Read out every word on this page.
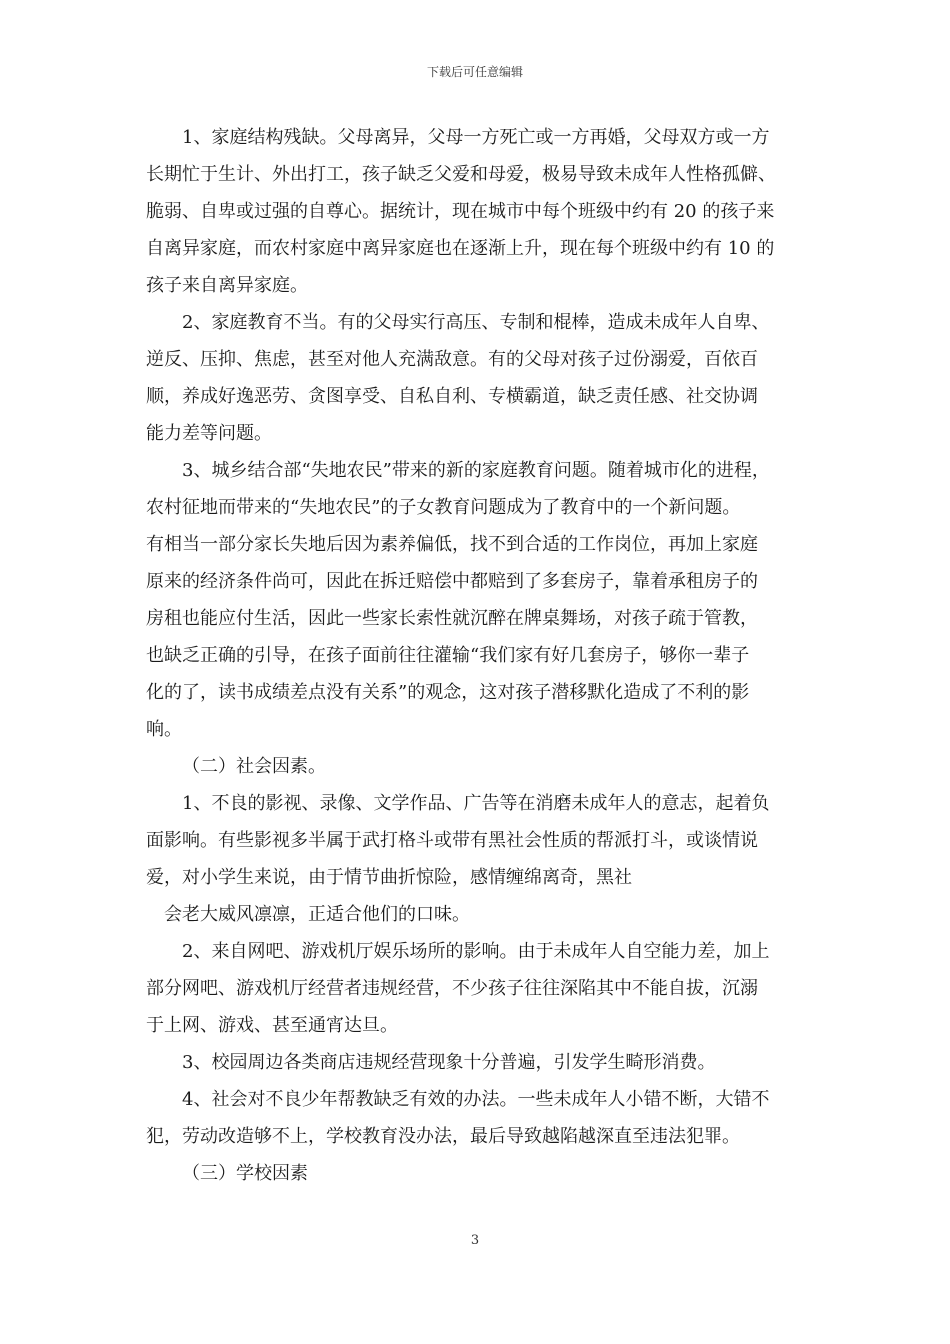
下载后可任意编辑
1、家庭结构残缺。父母离异，父母一方死亡或一方再婚，父母双方或一方
长期忙于生计、外出打工，孩子缺乏父爱和母爱，极易导致未成年人性格孤僻、
脆弱、自卑或过强的自尊心。据统计，现在城市中每个班级中约有 20 的孩子来
自离异家庭，而农村家庭中离异家庭也在逐渐上升，现在每个班级中约有 10 的
孩子来自离异家庭。
2、家庭教育不当。有的父母实行高压、专制和棍棒，造成未成年人自卑、
逆反、压抑、焦虑，甚至对他人充满敌意。有的父母对孩子过份溺爱，百依百
顺，养成好逸恶劳、贪图享受、自私自利、专横霸道，缺乏责任感、社交协调
能力差等问题。
3、城乡结合部“失地农民”带来的新的家庭教育问题。随着城市化的进程，
农村征地而带来的“失地农民”的子女教育问题成为了教育中的一个新问题。
有相当一部分家长失地后因为素养偏低，找不到合适的工作岗位，再加上家庭
原来的经济条件尚可，因此在拆迁赔偿中都赔到了多套房子，靠着承租房子的
房租也能应付生活，因此一些家长索性就沉醉在牌桌舞场，对孩子疏于管教，
也缺乏正确的引导，在孩子面前往往灌输“我们家有好几套房子，够你一辈子
化的了，读书成绩差点没有关系”的观念，这对孩子潜移默化造成了不利的影
响。
（二）社会因素。
1、不良的影视、录像、文学作品、广告等在消磨未成年人的意志，起着负
面影响。有些影视多半属于武打格斗或带有黑社会性质的帮派打斗，或谈情说
爱，对小学生来说，由于情节曲折惊险，感情缠绵离奇，黑社
会老大威风凛凛，正适合他们的口味。
2、来自网吧、游戏机厅娱乐场所的影响。由于未成年人自空能力差，加上
部分网吧、游戏机厅经营者违规经营，不少孩子往往深陷其中不能自拔，沉溺
于上网、游戏、甚至通宵达旦。
3、校园周边各类商店违规经营现象十分普遍，引发学生畸形消费。
4、社会对不良少年帮教缺乏有效的办法。一些未成年人小错不断，大错不
犯，劳动改造够不上，学校教育没办法，最后导致越陷越深直至违法犯罪。
（三）学校因素
3
